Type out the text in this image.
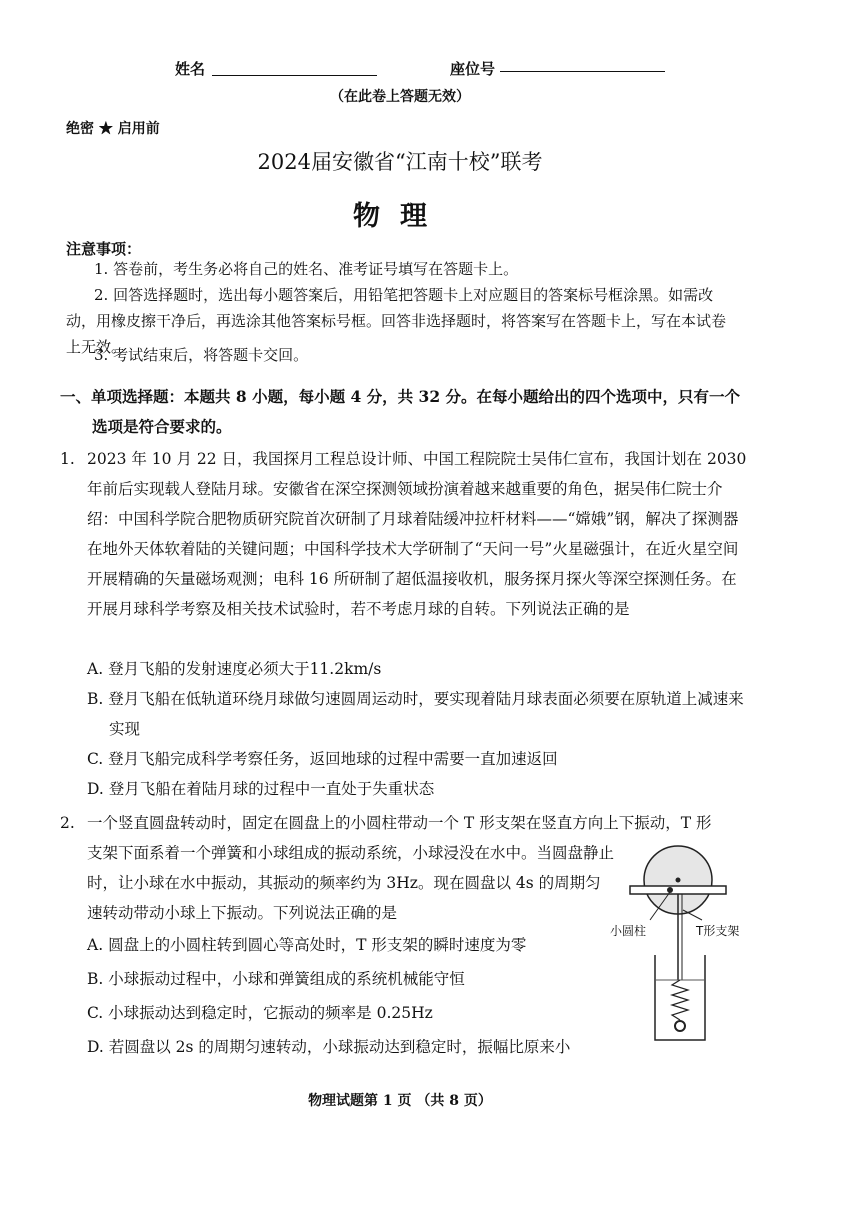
姓名	座位号
（在此卷上答题无效）
绝密 ★ 启用前
2024届安徽省“江南十校”联考
物理
注意事项：
1. 答卷前，考生务必将自己的姓名、准考证号填写在答题卡上。
2. 回答选择题时，选出每小题答案后，用铅笔把答题卡上对应题目的答案标号框涂黑。如需改动，用橡皮擦干净后，再选涂其他答案标号框。回答非选择题时，将答案写在答题卡上，写在本试卷上无效。
3. 考试结束后，将答题卡交回。
一、单项选择题：本题共 8 小题，每小题 4 分，共 32 分。在每小题给出的四个选项中，只有一个选项是符合要求的。
1. 2023 年 10 月 22 日，我国探月工程总设计师、中国工程院院士吴伟仁宣布，我国计划在 2030 年前后实现载人登陆月球。安徽省在深空探测领域扮演着越来越重要的角色，据吴伟仁院士介绍：中国科学院合肥物质研究院首次研制了月球着陆缓冲拉杆材料——“嫦娥”钢，解决了探测器在地外天体软着陆的关键问题；中国科学技术大学研制了“天问一号”火星磁强计，在近火星空间开展精确的矢量磁场观测；电科 16 所研制了超低温接收机，服务探月探火等深空探测任务。在开展月球科学考察及相关技术试验时，若不考虑月球的自转。下列说法正确的是
A. 登月飞船的发射速度必须大于11.2km/s
B. 登月飞船在低轨道环绕月球做匀速圆周运动时，要实现着陆月球表面必须要在原轨道上减速来实现
C. 登月飞船完成科学考察任务，返回地球的过程中需要一直加速返回
D. 登月飞船在着陆月球的过程中一直处于失重状态
2. 一个竖直圆盘转动时，固定在圆盘上的小圆柱带动一个 T 形支架在竖直方向上下振动，T 形
支架下面系着一个弹簧和小球组成的振动系统，小球浸没在水中。当圆盘静止时，让小球在水中振动，其振动的频率约为 3Hz。现在圆盘以 4s 的周期匀速转动带动小球上下振动。下列说法正确的是
A. 圆盘上的小圆柱转到圆心等高处时，T 形支架的瞬时速度为零
B. 小球振动过程中，小球和弹簧组成的系统机械能守恒
C. 小球振动达到稳定时，它振动的频率是 0.25Hz
D. 若圆盘以 2s 的周期匀速转动，小球振动达到稳定时，振幅比原来小
小圆柱	T形支架
物理试题第 1 页 （共 8 页）
